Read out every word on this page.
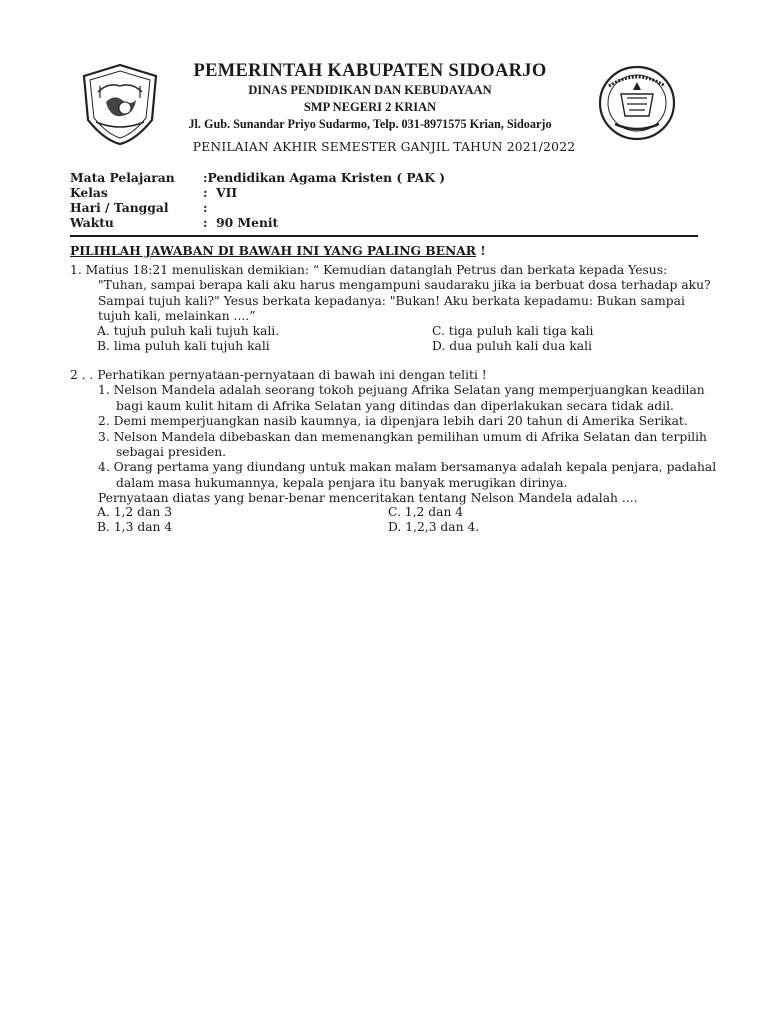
PEMERINTAH KABUPATEN SIDOARJO
DINAS PENDIDIKAN DAN KEBUDAYAAN
SMP NEGERI 2 KRIAN
Jl. Gub. Sunandar Priyo Sudarmo, Telp. 031-8971575 Krian, Sidoarjo
PENILAIAN AKHIR SEMESTER GANJIL TAHUN 2021/2022
Mata Pelajaran :Pendidikan Agama Kristen ( PAK )
Kelas	:  VII
Hari / Tanggal	:
Waktu	:  90 Menit
PILIHLAH JAWABAN DI BAWAH INI YANG PALING BENAR !
1. Matius 18:21 menuliskan demikian: “ Kemudian datanglah Petrus dan berkata kepada Yesus:
"Tuhan, sampai berapa kali aku harus mengampuni saudaraku jika ia berbuat dosa terhadap aku?
Sampai tujuh kali?" Yesus berkata kepadanya: "Bukan! Aku berkata kepadamu: Bukan sampai
tujuh kali, melainkan ....”
A. tujuh puluh kali tujuh kali.	C. tiga puluh kali tiga kali
B. lima puluh kali tujuh kali	D. dua puluh kali dua kali
2 . . Perhatikan pernyataan-pernyataan di bawah ini dengan teliti !
1. Nelson Mandela adalah seorang tokoh pejuang Afrika Selatan yang memperjuangkan keadilan
bagi kaum kulit hitam di Afrika Selatan yang ditindas dan diperlakukan secara tidak adil.
2. Demi memperjuangkan nasib kaumnya, ia dipenjara lebih dari 20 tahun di Amerika Serikat.
3. Nelson Mandela dibebaskan dan memenangkan pemilihan umum di Afrika Selatan dan terpilih
sebagai presiden.
4. Orang pertama yang diundang untuk makan malam bersamanya adalah kepala penjara, padahal
dalam masa hukumannya, kepala penjara itu banyak merugikan dirinya.
Pernyataan diatas yang benar-benar menceritakan tentang Nelson Mandela adalah ....
A. 1,2 dan 3	C. 1,2 dan 4
B. 1,3 dan 4	D. 1,2,3 dan 4.
